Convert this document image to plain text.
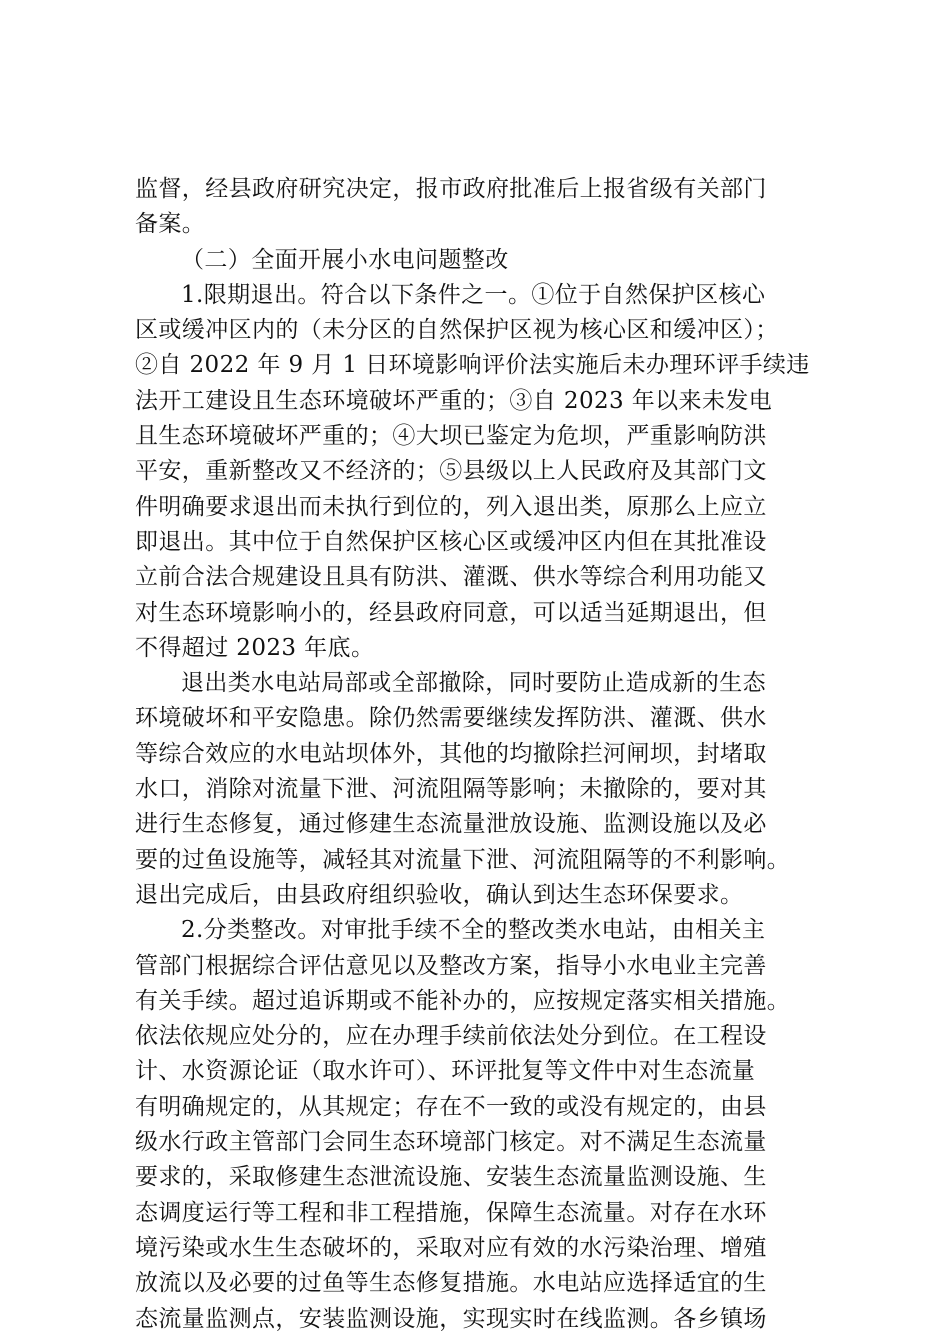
监督，经县政府研究决定，报市政府批准后上报省级有关部门
备案。
（二）全面开展小水电问题整改
1.限期退出。符合以下条件之一。①位于自然保护区核心
区或缓冲区内的（未分区的自然保护区视为核心区和缓冲区）；
②自 2022 年 9 月 1 日环境影响评价法实施后未办理环评手续违
法开工建设且生态环境破坏严重的；③自 2023 年以来未发电
且生态环境破坏严重的；④大坝已鉴定为危坝，严重影响防洪
平安，重新整改又不经济的；⑤县级以上人民政府及其部门文
件明确要求退出而未执行到位的，列入退出类，原那么上应立
即退出。其中位于自然保护区核心区或缓冲区内但在其批准设
立前合法合规建设且具有防洪、灌溉、供水等综合利用功能又
对生态环境影响小的，经县政府同意，可以适当延期退出，但
不得超过 2023 年底。
退出类水电站局部或全部撤除，同时要防止造成新的生态
环境破坏和平安隐患。除仍然需要继续发挥防洪、灌溉、供水
等综合效应的水电站坝体外，其他的均撤除拦河闸坝，封堵取
水口，消除对流量下泄、河流阻隔等影响；未撤除的，要对其
进行生态修复，通过修建生态流量泄放设施、监测设施以及必
要的过鱼设施等，减轻其对流量下泄、河流阻隔等的不利影响。
退出完成后，由县政府组织验收，确认到达生态环保要求。
2.分类整改。对审批手续不全的整改类水电站，由相关主
管部门根据综合评估意见以及整改方案，指导小水电业主完善
有关手续。超过追诉期或不能补办的，应按规定落实相关措施。
依法依规应处分的，应在办理手续前依法处分到位。在工程设
计、水资源论证（取水许可）、环评批复等文件中对生态流量
有明确规定的，从其规定；存在不一致的或没有规定的，由县
级水行政主管部门会同生态环境部门核定。对不满足生态流量
要求的，采取修建生态泄流设施、安装生态流量监测设施、生
态调度运行等工程和非工程措施，保障生态流量。对存在水环
境污染或水生生态破坏的，采取对应有效的水污染治理、增殖
放流以及必要的过鱼等生态修复措施。水电站应选择适宜的生
态流量监测点，安装监测设施，实现实时在线监测。各乡镇场
